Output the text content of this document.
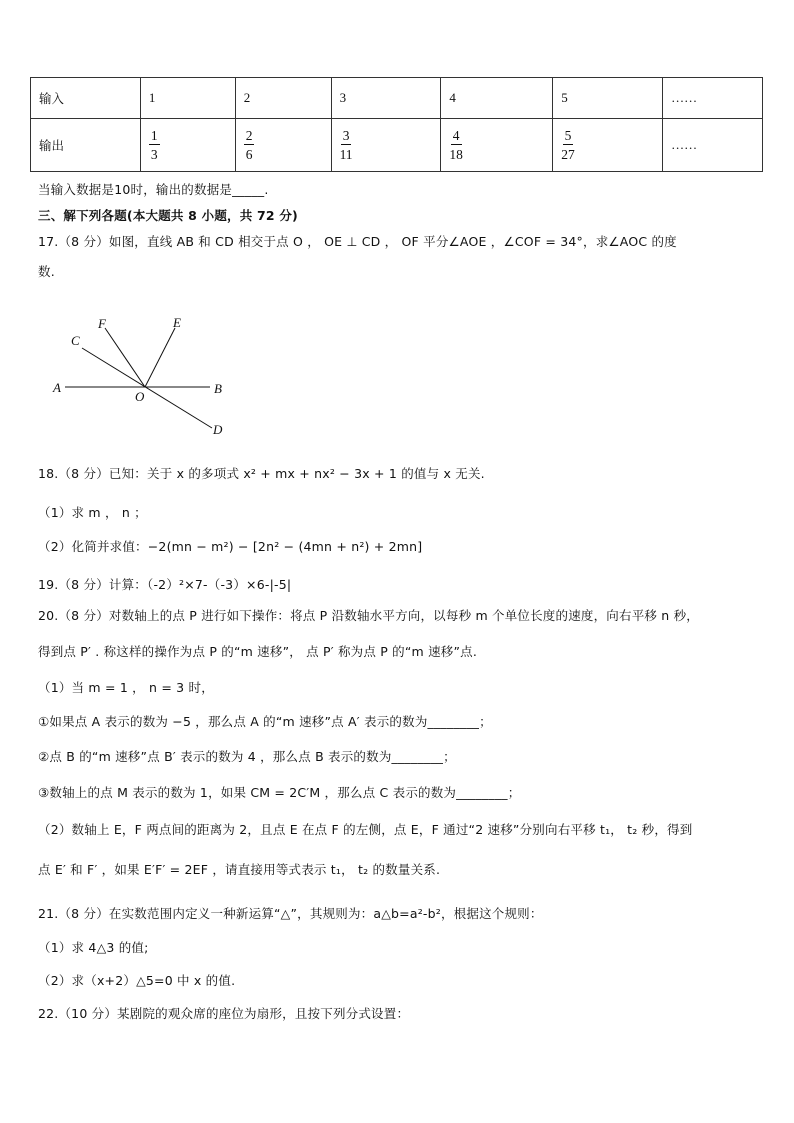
输入	1	2	3	4	5	……
输出	$\frac{1}{3}$	$\frac{2}{6}$	$\frac{3}{11}$	$\frac{4}{18}$	$\frac{5}{27}$	……
当输入数据是10时，输出的数据是_____.
三、解下列各题(本大题共 8 小题，共 72 分)
17.（8 分）如图，直线 AB 和 CD 相交于点 O ， OE ⊥ CD ， OF 平分∠AOE ，∠COF = 34°，求∠AOC 的度
数.
A	B
C
D
E
F
O
18.（8 分）已知：关于 x 的多项式 x² + mx + nx² − 3x + 1 的值与 x 无关.
（1）求 m ， n ；
（2）化简并求值：−2(mn − m²) − [2n² − (4mn + n²) + 2mn]
19.（8 分）计算：（-2）²×7-（-3）×6-|-5|
20.（8 分）对数轴上的点 P 进行如下操作：将点 P 沿数轴水平方向，以每秒 m 个单位长度的速度，向右平移 n 秒，
得到点 P′ . 称这样的操作为点 P 的“m 速移”， 点 P′ 称为点 P 的“m 速移”点.
（1）当 m = 1 ， n = 3 时，
①如果点 A 表示的数为 −5 ，那么点 A 的“m 速移”点 A′ 表示的数为________；
②点 B 的“m 速移”点 B′ 表示的数为 4 ，那么点 B 表示的数为________；
③数轴上的点 M 表示的数为 1，如果 CM = 2C′M ，那么点 C 表示的数为________；
（2）数轴上 E，F 两点间的距离为 2，且点 E 在点 F 的左侧，点 E，F 通过“2 速移”分别向右平移 t₁， t₂ 秒，得到
点 E′ 和 F′ ，如果 E′F′ = 2EF ，请直接用等式表示 t₁， t₂ 的数量关系.
21.（8 分）在实数范围内定义一种新运算“△”，其规则为：a△b=a²-b²，根据这个规则：
（1）求 4△3 的值;
（2）求（x+2）△5=0 中 x 的值.
22.（10 分）某剧院的观众席的座位为扇形，且按下列分式设置：
